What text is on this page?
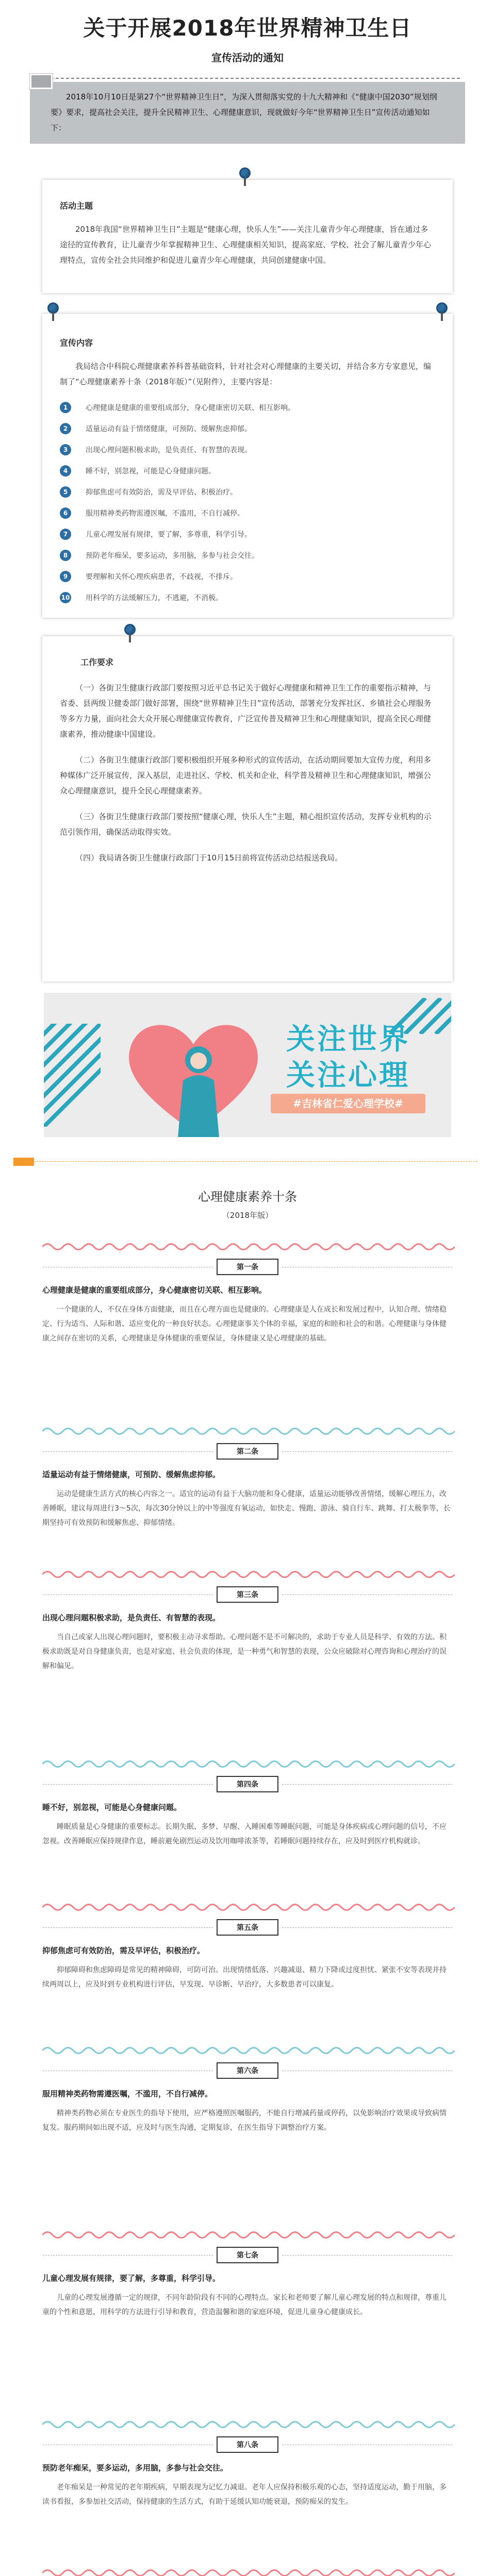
关于开展2018年世界精神卫生日
宣传活动的通知
2018年10月10日是第27个“世界精神卫生日”，为深入贯彻落实党的十九大精神和《“健康中国2030”规划纲要》要求，提高社会关注，提升全民精神卫生、心理健康意识，现就做好今年“世界精神卫生日”宣传活动通知如下：
活动主题

2018年我国“世界精神卫生日”主题是“健康心理，快乐人生”——关注儿童青少年心理健康，旨在通过多途径的宣传教育，让儿童青少年掌握精神卫生、心理健康相关知识，提高家庭、学校、社会了解儿童青少年心理特点，宣传全社会共同维护和促进儿童青少年心理健康，共同创建健康中国。

宣传内容

我局结合中科院心理健康素养科普基础资料，针对社会对心理健康的主要关切，并结合多方专家意见，编制了“心理健康素养十条（2018年版）”（见附件），主要内容是：

1	心理健康是健康的重要组成部分，身心健康密切关联、相互影响。
2	适量运动有益于情绪健康，可预防、缓解焦虑抑郁。
3	出现心理问题积极求助，是负责任、有智慧的表现。
4	睡不好，别忽视，可能是心身健康问题。
5	抑郁焦虑可有效防治，需及早评估、积极治疗。
6	服用精神类药物需遵医嘱，不滥用，不自行减停。
7	儿童心理发展有规律，要了解，多尊重，科学引导。
8	预防老年痴呆，要多运动，多用脑，多参与社会交往。
9	要理解和关怀心理疾病患者，不歧视，不排斥。
10 用科学的方法缓解压力，不逃避，不消极。
工作要求

（一）各街卫生健康行政部门要按照习近平总书记关于做好心理健康和精神卫生工作的重要指示精神，与省委、县两级卫健委部门做好部署，围绕“世界精神卫生日”宣传活动，部署充分发挥社区、乡镇社会心理服务等多方力量，面向社会大众开展心理健康宣传教育，广泛宣传普及精神卫生和心理健康知识，提高全民心理健康素养，推动健康中国建设。

（二）各街卫生健康行政部门要积极组织开展多种形式的宣传活动，在活动期间要加大宣传力度，利用多种媒体广泛开展宣传，深入基层，走进社区、学校、机关和企业，科学普及精神卫生和心理健康知识，增强公众心理健康意识，提升全民心理健康素养。

（三）各街卫生健康行政部门要按照“健康心理，快乐人生”主题，精心组织宣传活动，发挥专业机构的示范引领作用，确保活动取得实效。

（四）我局请各街卫生健康行政部门于10月15日前将宣传活动总结报送我局。

关注世界
关注心理
#吉林省仁爱心理学校#
心理健康素养十条
（2018年版）
第一条
心理健康是健康的重要组成部分，身心健康密切关联、相互影响。

一个健康的人，不仅在身体方面健康，而且在心理方面也是健康的。心理健康是人在成长和发展过程中，认知合理、情绪稳定、行为适当、人际和谐、适应变化的一种良好状态。心理健康事关个体的幸福，家庭的和睦和社会的和谐。心理健康与身体健康之间存在密切的关系，心理健康是身体健康的重要保证，身体健康又是心理健康的基础。

第二条
适量运动有益于情绪健康，可预防、缓解焦虑抑郁。

运动是健康生活方式的核心内容之一。适宜的运动有益于大脑功能和身心健康，适量运动能够改善情绪，缓解心理压力，改善睡眠，建议每周进行3～5次，每次30分钟以上的中等强度有氧运动，如快走、慢跑、游泳、骑自行车、跳舞、打太极拳等，长期坚持可有效预防和缓解焦虑、抑郁情绪。

第三条
出现心理问题积极求助，是负责任、有智慧的表现。

当自己或家人出现心理问题时，要积极主动寻求帮助。心理问题不是不可解决的，求助于专业人员是科学、有效的方法。积极求助既是对自身健康负责，也是对家庭、社会负责的体现，是一种勇气和智慧的表现，公众应破除对心理咨询和心理治疗的误解和偏见。

第四条
睡不好，别忽视，可能是心身健康问题。

睡眠质量是心身健康的重要标志。长期失眠、多梦、早醒、入睡困难等睡眠问题，可能是身体疾病或心理问题的信号，不应忽视。改善睡眠应保持规律作息，睡前避免剧烈运动及饮用咖啡浓茶等，若睡眠问题持续存在，应及时到医疗机构就诊。

第五条
抑郁焦虑可有效防治，需及早评估，积极治疗。

抑郁障碍和焦虑障碍是常见的精神障碍，可防可治。出现情绪低落、兴趣减退、精力下降或过度担忧、紧张不安等表现并持续两周以上，应及时到专业机构进行评估，早发现、早诊断、早治疗，大多数患者可以康复。

第六条
服用精神类药物需遵医嘱，不滥用，不自行减停。

精神类药物必须在专业医生的指导下使用，应严格遵照医嘱服药，不能自行增减药量或停药，以免影响治疗效果或导致病情复发。服药期间如出现不适，应及时与医生沟通，定期复诊，在医生指导下调整治疗方案。

第七条
儿童心理发展有规律，要了解，多尊重，科学引导。

儿童的心理发展遵循一定的规律，不同年龄阶段有不同的心理特点。家长和老师要了解儿童心理发展的特点和规律，尊重儿童的个性和意愿，用科学的方法进行引导和教育，营造温馨和谐的家庭环境，促进儿童身心健康成长。

第八条
预防老年痴呆，要多运动，多用脑，多参与社会交往。

老年痴呆是一种常见的老年期疾病，早期表现为记忆力减退。老年人应保持积极乐观的心态，坚持适度运动，勤于用脑，多读书看报，多参加社交活动，保持健康的生活方式，有助于延缓认知功能衰退，预防痴呆的发生。
